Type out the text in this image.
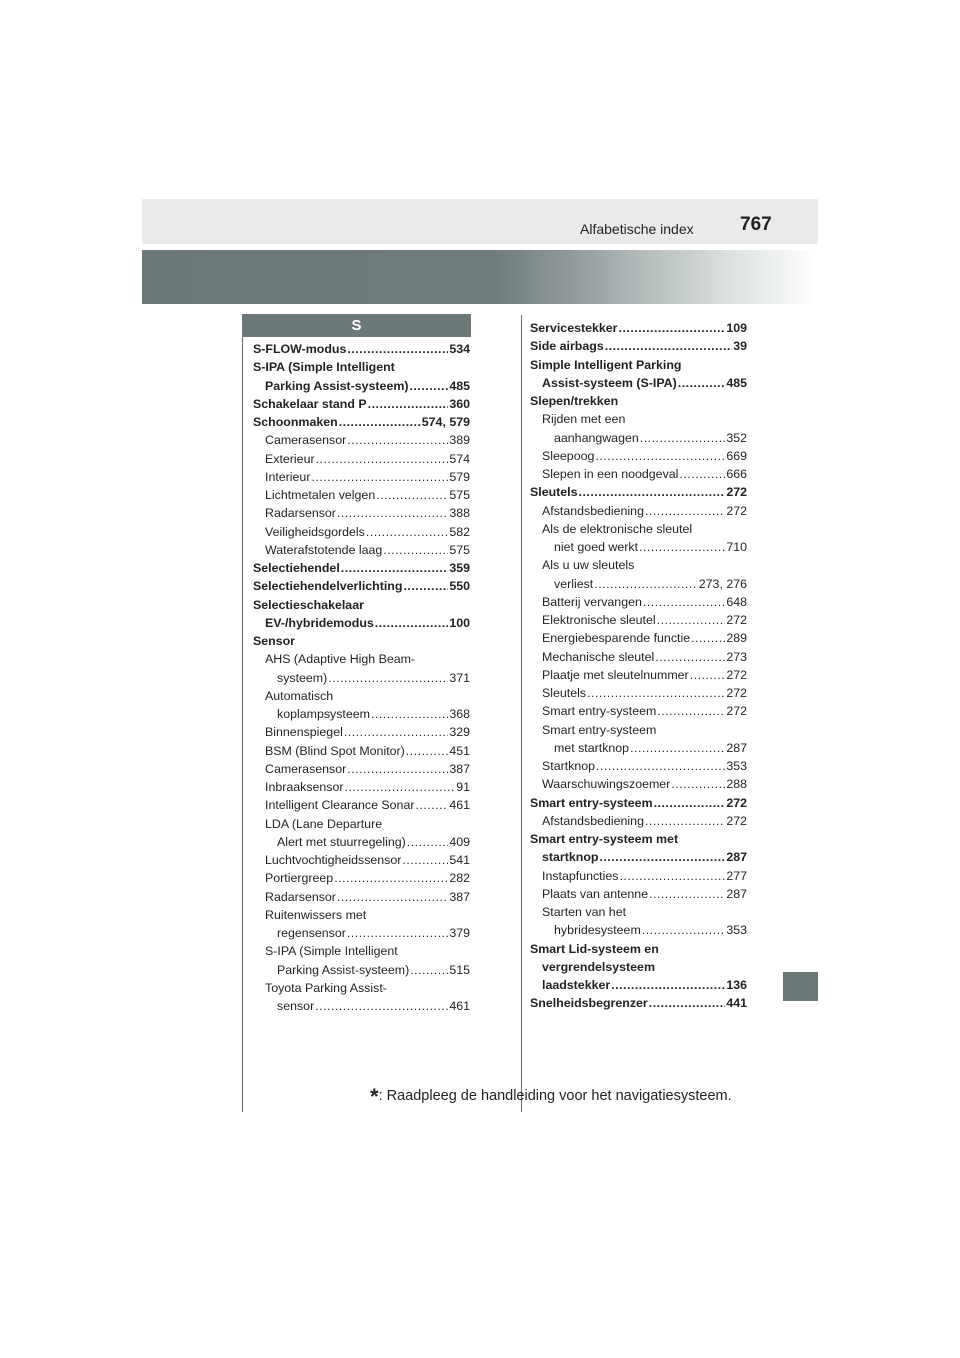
Alfabetische index 767
S
S-FLOW-modus .....	534
S-IPA (Simple Intelligent
Parking Assist-systeem) .....	485
Schakelaar stand P .....	360
Schoonmaken .....	574, 579
Camerasensor .....	389
Exterieur .....	574
Interieur .....	579
Lichtmetalen velgen .....	575
Radarsensor .....	388
Veiligheidsgordels .....	582
Waterafstotende laag .....	575
Selectiehendel .....	359
Selectiehendelverlichting .....	550
Selectieschakelaar
EV-/hybridemodus .....	100
Sensor
AHS (Adaptive High Beam-
systeem) .....	371
Automatisch
koplampsysteem .....	368
Binnenspiegel .....	329
BSM (Blind Spot Monitor) .....	451
Camerasensor .....	387
Inbraaksensor .....	91
Intelligent Clearance Sonar .....	461
LDA (Lane Departure
Alert met stuurregeling) .....	409
Luchtvochtigheidssensor .....	541
Portiergreep .....	282
Radarsensor .....	387
Ruitenwissers met
regensensor .....	379
S-IPA (Simple Intelligent
Parking Assist-systeem) .....	515
Toyota Parking Assist-
sensor .....	461
Servicestekker .....	109
Side airbags .....	39
Simple Intelligent Parking
Assist-systeem (S-IPA) .....	485
Slepen/trekken
Rijden met een
aanhangwagen .....	352
Sleepoog .....	669
Slepen in een noodgeval .....	666
Sleutels .....	272
Afstandsbediening .....	272
Als de elektronische sleutel
niet goed werkt .....	710
Als u uw sleutels
verliest .....	273, 276
Batterij vervangen .....	648
Elektronische sleutel .....	272
Energiebesparende functie .....	289
Mechanische sleutel .....	273
Plaatje met sleutelnummer .....	272
Sleutels .....	272
Smart entry-systeem .....	272
Smart entry-systeem
met startknop .....	287
Startknop .....	353
Waarschuwingszoemer .....	288
Smart entry-systeem .....	272
Afstandsbediening .....	272
Smart entry-systeem met
startknop .....	287
Instapfuncties .....	277
Plaats van antenne .....	287
Starten van het
hybridesysteem .....	353
Smart Lid-systeem en
vergrendelsysteem
laadstekker .....	136
Snelheidsbegrenzer .....	441
*: Raadpleeg de handleiding voor het navigatiesysteem.
